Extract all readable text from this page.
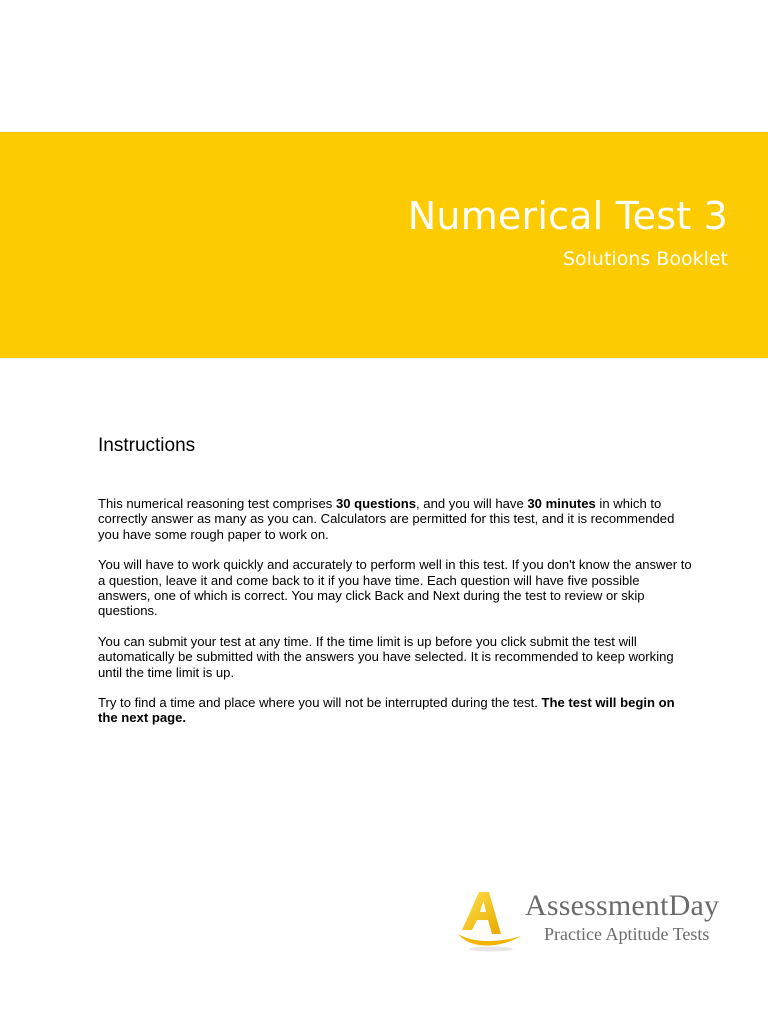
Numerical Test 3
Solutions Booklet
Instructions

This numerical reasoning test comprises 30 questions, and you will have 30 minutes in which to correctly answer as many as you can. Calculators are permitted for this test, and it is recommended you have some rough paper to work on.

You will have to work quickly and accurately to perform well in this test. If you don't know the answer to a question, leave it and come back to it if you have time. Each question will have five possible answers, one of which is correct. You may click Back and Next during the test to review or skip questions.

You can submit your test at any time. If the time limit is up before you click submit the test will automatically be submitted with the answers you have selected. It is recommended to keep working until the time limit is up.

Try to find a time and place where you will not be interrupted during the test. The test will begin on the next page.

AssessmentDay
Practice Aptitude Tests
